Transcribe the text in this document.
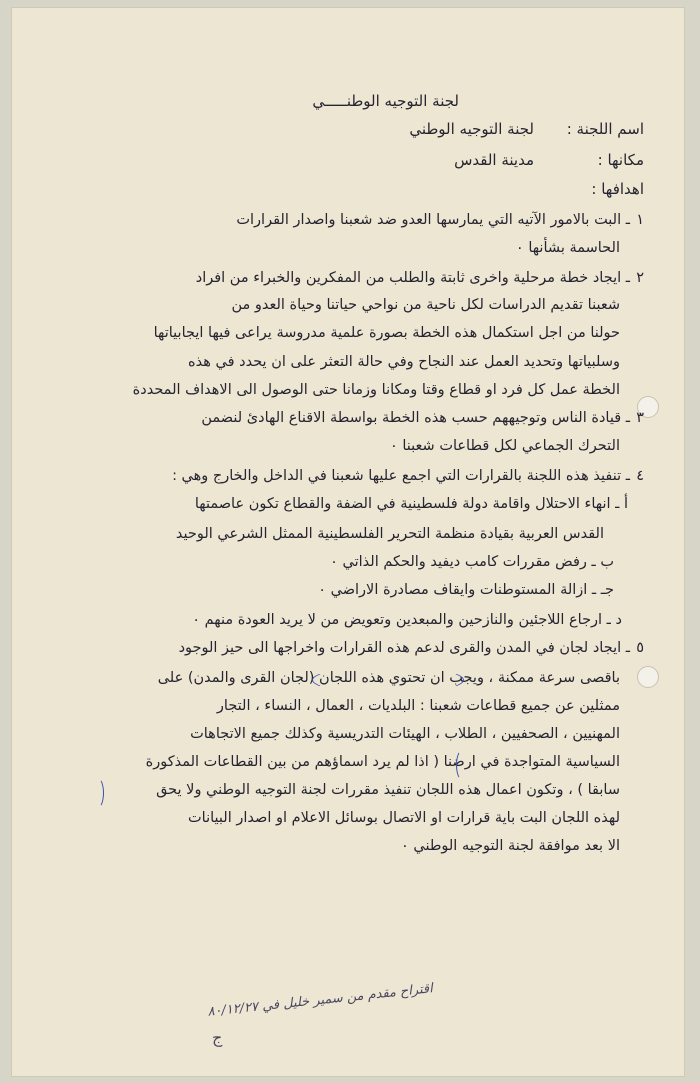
لجنة التوجيه الوطنـــــي
اسم اللجنة :
لجنة التوجيه الوطني
مكانها :
مدينة القدس
اهدافها :
١
ـ البت بالامور الآتيه التي يمارسها العدو ضد شعبنا واصدار القرارات
الحاسمة بشأنها ٠
٢
ـ ايجاد خطة مرحلية واخرى ثابتة والطلب من المفكرين والخبراء من افراد
شعبنا تقديم الدراسات لكل ناحية من نواحي حياتنا وحياة العدو من
حولنا من اجل استكمال هذه الخطة بصورة علمية مدروسة يراعى فيها ايجابياتها
وسلبياتها وتحديد العمل عند النجاح وفي حالة التعثر على ان يحدد في هذه
الخطة عمل كل فرد او قطاع وقتا ومكانا وزمانا حتى الوصول الى الاهداف المحددة
٣
ـ قيادة الناس وتوجيههم حسب هذه الخطة بواسطة الاقناع الهادئ لنضمن
التحرك الجماعي لكل قطاعات شعبنا ٠
٤
ـ تنفيذ هذه اللجنة بالقرارات التي اجمع عليها شعبنا في الداخل والخارج وهي :
أ ـ انهاء الاحتلال واقامة دولة فلسطينية في الضفة والقطاع تكون عاصمتها
القدس العربية بقيادة منظمة التحرير الفلسطينية الممثل الشرعي الوحيد
ب ـ رفض مقررات كامب ديفيد والحكم الذاتي ٠
جـ ـ ازالة المستوطنات وايقاف مصادرة الاراضي ٠
د ـ ارجاع اللاجئين والنازحين والمبعدين وتعويض من لا يريد العودة منهم ٠
٥
ـ ايجاد لجان في المدن والقرى لدعم هذه القرارات واخراجها الى حيز الوجود
باقصى سرعة ممكنة ، ويجب ان تحتوي هذه اللجان (لجان القرى والمدن) على
ممثلين عن جميع قطاعات شعبنا : البلديات ، العمال ، النساء ، التجار
المهنيين ، الصحفيين ، الطلاب ، الهيئات التدريسية وكذلك جميع الاتجاهات
السياسية المتواجدة في ارضنا ( اذا لم يرد اسماؤهم من بين القطاعات المذكورة
سابقا ) ، وتكون اعمال هذه اللجان تنفيذ مقررات لجنة التوجيه الوطني ولا يحق
لهذه اللجان البت باية قرارات او الاتصال بوسائل الاعلام او اصدار البيانات
الا بعد موافقة لجنة التوجيه الوطني ٠
اقتراح مقدم من سمير خليل في ٨٠/١٢/٢٧
ج
